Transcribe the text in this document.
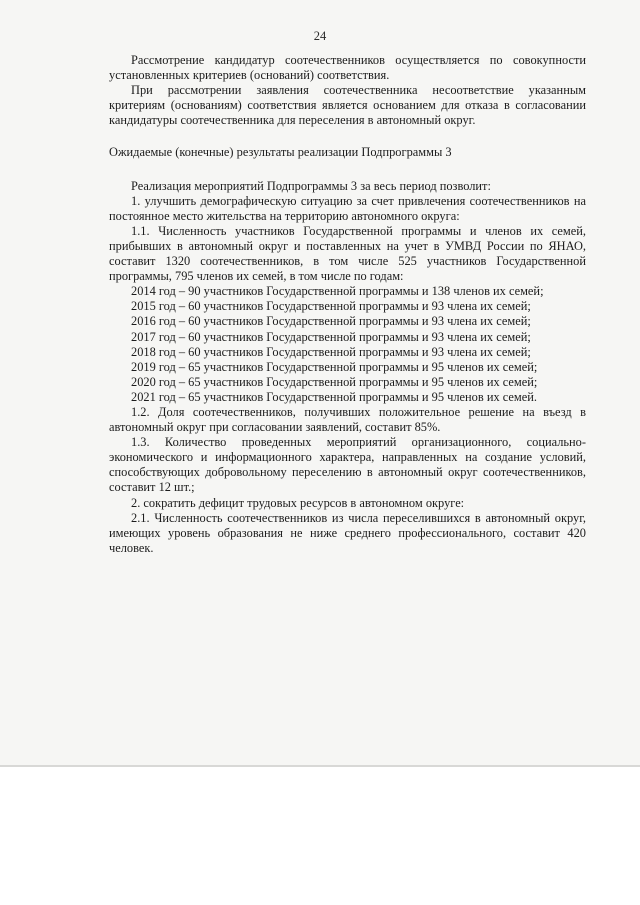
24

Рассмотрение кандидатур соотечественников осуществляется по совокупности установленных критериев (оснований) соответствия.

При рассмотрении заявления соотечественника несоответствие указанным критериям (основаниям) соответствия является основанием для отказа в согласовании кандидатуры соотечественника для переселения в автономный округ.

Ожидаемые (конечные) результаты реализации Подпрограммы 3

Реализация мероприятий Подпрограммы 3 за весь период позволит:

1. улучшить демографическую ситуацию за счет привлечения соотечественников на постоянное место жительства на территорию автономного округа:

1.1. Численность участников Государственной программы и членов их семей, прибывших в автономный округ и поставленных на учет в УМВД России по ЯНАО, составит 1320 соотечественников, в том числе 525 участников Государственной программы, 795 членов их семей, в том числе по годам:

2014 год – 90 участников Государственной программы и 138 членов их семей;

2015 год – 60 участников Государственной программы и 93 члена их семей;

2016 год – 60 участников Государственной программы и 93 члена их семей;

2017 год – 60 участников Государственной программы и 93 члена их семей;

2018 год – 60 участников Государственной программы и 93 члена их семей;

2019 год – 65 участников Государственной программы и 95 членов их семей;

2020 год – 65 участников Государственной программы и 95 членов их семей;

2021 год – 65 участников Государственной программы и 95 членов их семей.

1.2. Доля соотечественников, получивших положительное решение на въезд в автономный округ при согласовании заявлений, составит 85%.

1.3. Количество проведенных мероприятий организационного, социально-экономического и информационного характера, направленных на создание условий, способствующих добровольному переселению в автономный округ соотечественников, составит 12 шт.;

2. сократить дефицит трудовых ресурсов в автономном округе:

2.1. Численность соотечественников из числа переселившихся в автономный округ, имеющих уровень образования не ниже среднего профессионального, составит 420 человек.
